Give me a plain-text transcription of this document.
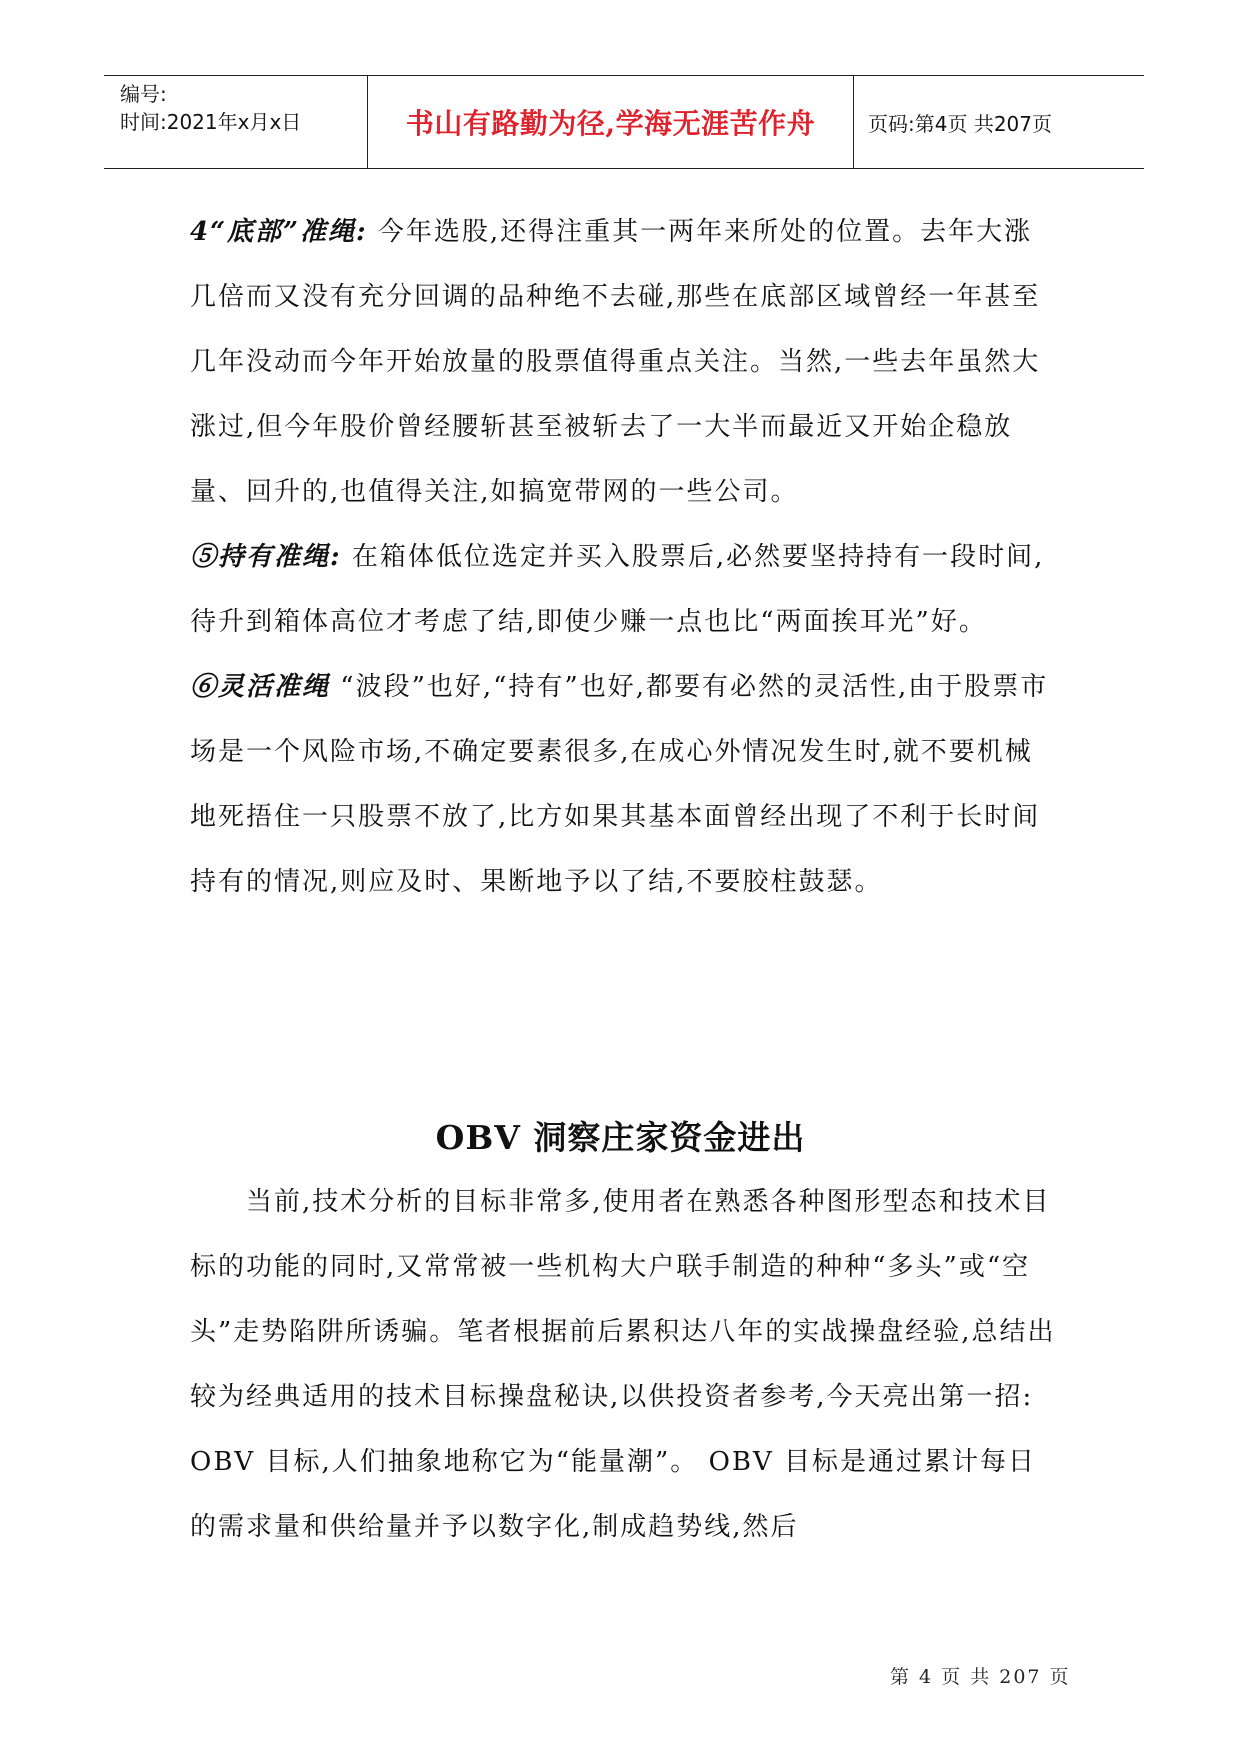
编号:
时间:2021年x月x日	书山有路勤为径,学海无涯苦作舟	页码:第4页 共207页

4“底部”准绳: 今年选股,还得注重其一两年来所处的位置。去年大涨几倍而又没有充分回调的品种绝不去碰,那些在底部区域曾经一年甚至几年没动而今年开始放量的股票值得重点关注。当然,一些去年虽然大涨过,但今年股价曾经腰斩甚至被斩去了一大半而最近又开始企稳放量、回升的,也值得关注,如搞宽带网的一些公司。

⑤持有准绳: 在箱体低位选定并买入股票后,必然要坚持持有一段时间,待升到箱体高位才考虑了结,即使少赚一点也比“两面挨耳光”好。

⑥灵活准绳 “波段”也好,“持有”也好,都要有必然的灵活性,由于股票市场是一个风险市场,不确定要素很多,在成心外情况发生时,就不要机械地死捂住一只股票不放了,比方如果其基本面曾经出现了不利于长时间持有的情况,则应及时、果断地予以了结,不要胶柱鼓瑟。

OBV 洞察庄家资金进出

当前,技术分析的目标非常多,使用者在熟悉各种图形型态和技术目标的功能的同时,又常常被一些机构大户联手制造的种种“多头”或“空头”走势陷阱所诱骗。笔者根据前后累积达八年的实战操盘经验,总结出较为经典适用的技术目标操盘秘诀,以供投资者参考,今天亮出第一招: OBV 目标,人们抽象地称它为“能量潮”。 OBV 目标是通过累计每日的需求量和供给量并予以数字化,制成趋势线,然后

第 4 页 共 207 页
